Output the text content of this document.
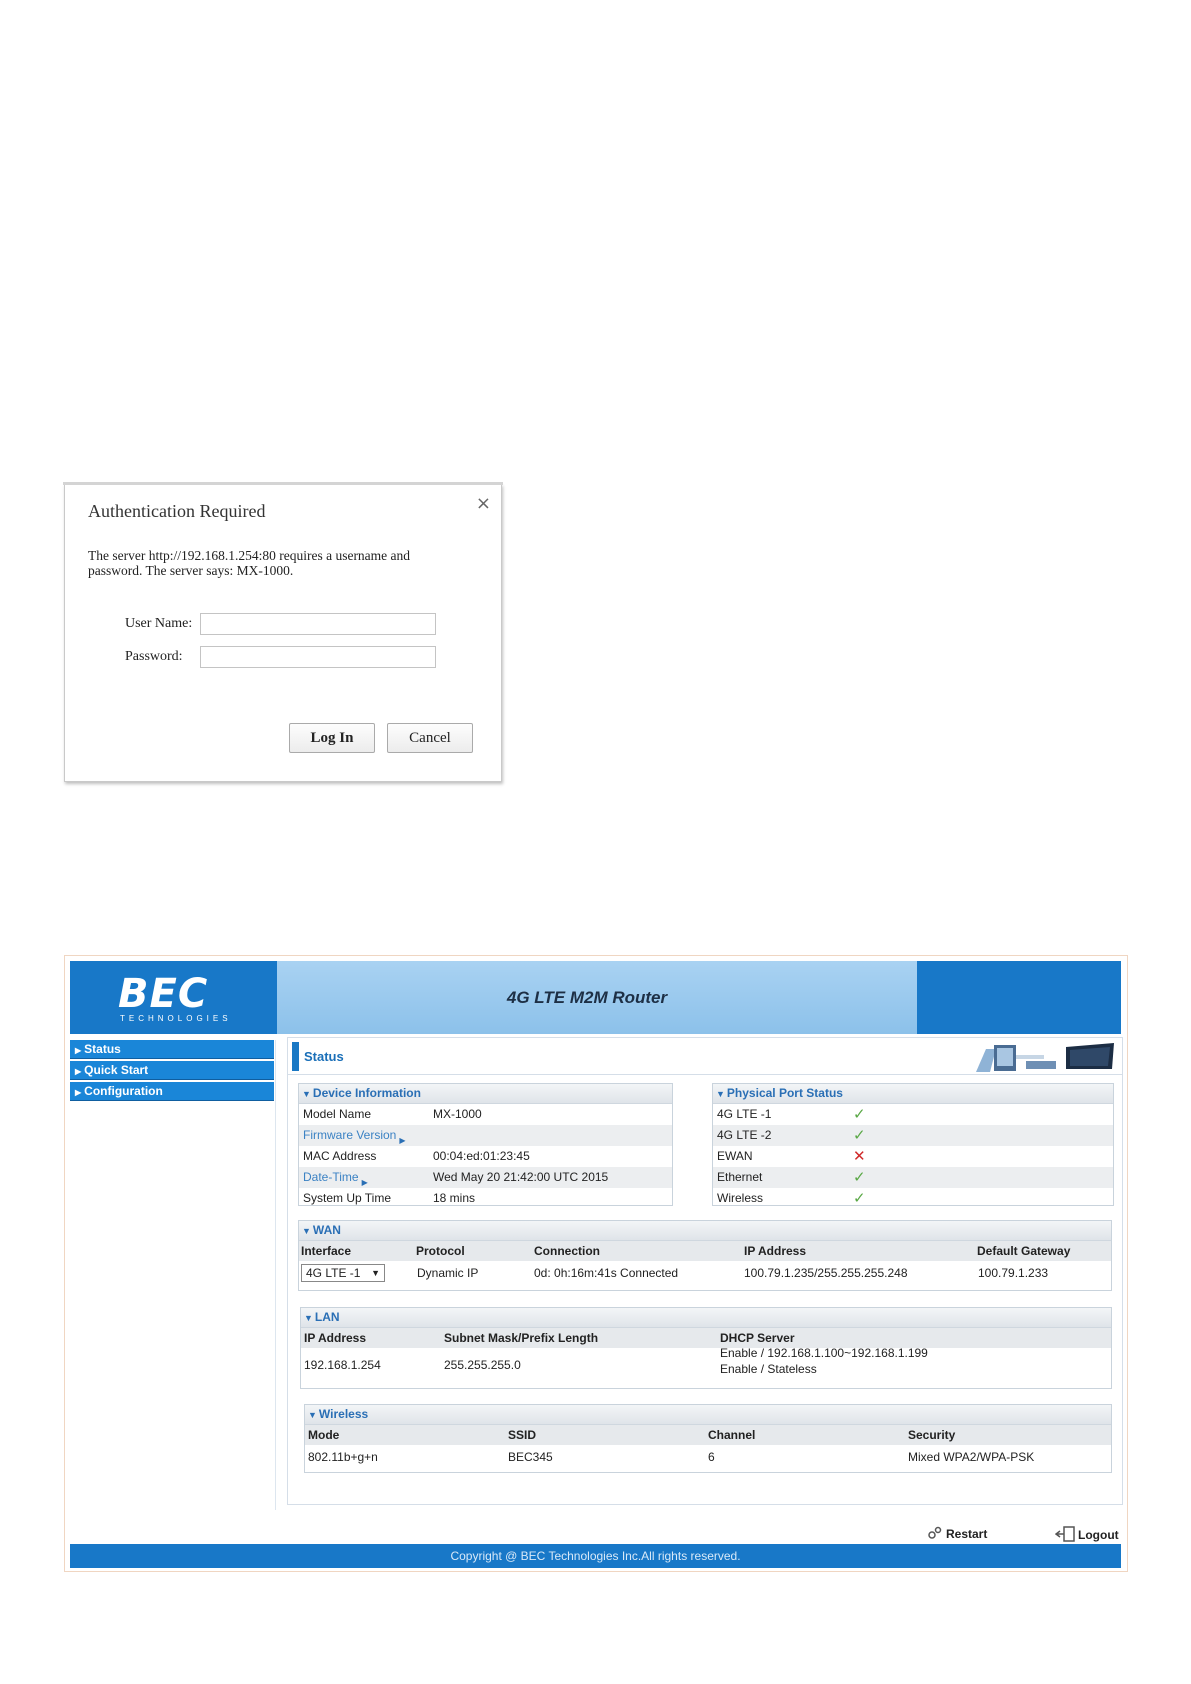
Authentication Required	×
The server http://192.168.1.254:80 requires a username and password. The server says: MX-1000.
User Name:
Password:
Log In	Cancel
BEC
TECHNOLOGIES
4G LTE M2M Router
▶ Status
▶ Quick Start
▶ Configuration
Status
▼ Device Information
Model Name	MX-1000
Firmware Version $_▶$
MAC Address	00:04:ed:01:23:45
Date-Time $_▶$	Wed May 20 21:42:00 UTC 2015
System Up Time	18 mins
▼ Physical Port Status
4G LTE -1	✓
4G LTE -2	✓
EWAN	✕
Ethernet	✓
Wireless	✓
▼ WAN
Interface	Protocol	Connection	IP Address	Default Gateway
4G LTE -1 ▼	Dynamic IP	0d: 0h:16m:41s Connected	100.79.1.235/255.255.255.248	100.79.1.233
▼ LAN
IP Address	Subnet Mask/Prefix Length	DHCP Server
192.168.1.254	255.255.255.0
Enable / 192.168.1.100~192.168.1.199
Enable / Stateless
▼ Wireless
Mode	SSID	Channel	Security
802.11b+g+n	BEC345	6	Mixed WPA2/WPA-PSK
Restart	Logout
Copyright @ BEC Technologies Inc.All rights reserved.
